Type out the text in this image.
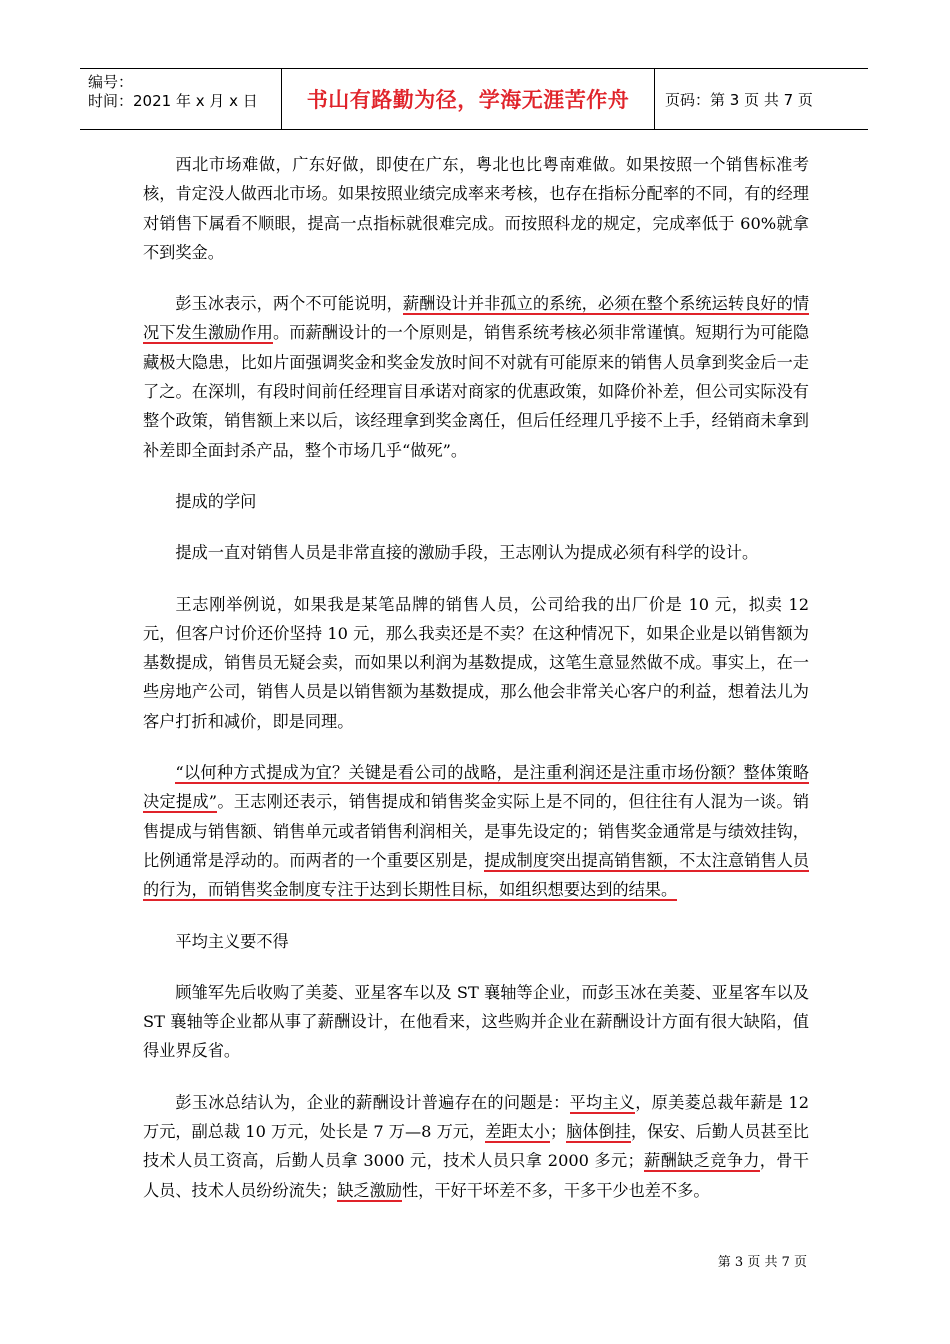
编号：
时间：2021 年 x 月 x 日	书山有路勤为径，学海无涯苦作舟	页码：第 3 页 共 7 页

西北市场难做，广东好做，即使在广东，粤北也比粤南难做。如果按照一个销售标准考核，肯定没人做西北市场。如果按照业绩完成率来考核，也存在指标分配率的不同，有的经理对销售下属看不顺眼，提高一点指标就很难完成。而按照科龙的规定，完成率低于 60%就拿不到奖金。

彭玉冰表示，两个不可能说明，薪酬设计并非孤立的系统，必须在整个系统运转良好的情况下发生激励作用。而薪酬设计的一个原则是，销售系统考核必须非常谨慎。短期行为可能隐藏极大隐患，比如片面强调奖金和奖金发放时间不对就有可能原来的销售人员拿到奖金后一走了之。在深圳，有段时间前任经理盲目承诺对商家的优惠政策，如降价补差，但公司实际没有整个政策，销售额上来以后，该经理拿到奖金离任，但后任经理几乎接不上手，经销商未拿到补差即全面封杀产品，整个市场几乎“做死”。

提成的学问

提成一直对销售人员是非常直接的激励手段，王志刚认为提成必须有科学的设计。

王志刚举例说，如果我是某笔品牌的销售人员，公司给我的出厂价是 10 元，拟卖 12 元，但客户讨价还价坚持 10 元，那么我卖还是不卖？在这种情况下，如果企业是以销售额为基数提成，销售员无疑会卖，而如果以利润为基数提成，这笔生意显然做不成。事实上，在一些房地产公司，销售人员是以销售额为基数提成，那么他会非常关心客户的利益，想着法儿为客户打折和减价，即是同理。

“以何种方式提成为宜？关键是看公司的战略，是注重利润还是注重市场份额？整体策略决定提成”。王志刚还表示，销售提成和销售奖金实际上是不同的，但往往有人混为一谈。销售提成与销售额、销售单元或者销售利润相关，是事先设定的；销售奖金通常是与绩效挂钩，比例通常是浮动的。而两者的一个重要区别是，提成制度突出提高销售额，不太注意销售人员的行为，而销售奖金制度专注于达到长期性目标，如组织想要达到的结果。

平均主义要不得

顾雏军先后收购了美菱、亚星客车以及 ST 襄轴等企业，而彭玉冰在美菱、亚星客车以及 ST 襄轴等企业都从事了薪酬设计，在他看来，这些购并企业在薪酬设计方面有很大缺陷，值得业界反省。

彭玉冰总结认为，企业的薪酬设计普遍存在的问题是：平均主义，原美菱总裁年薪是 12 万元，副总裁 10 万元，处长是 7 万—8 万元，差距太小；脑体倒挂，保安、后勤人员甚至比技术人员工资高，后勤人员拿 3000 元，技术人员只拿 2000 多元；薪酬缺乏竞争力，骨干人员、技术人员纷纷流失；缺乏激励性，干好干坏差不多，干多干少也差不多。

第 3 页 共 7 页
